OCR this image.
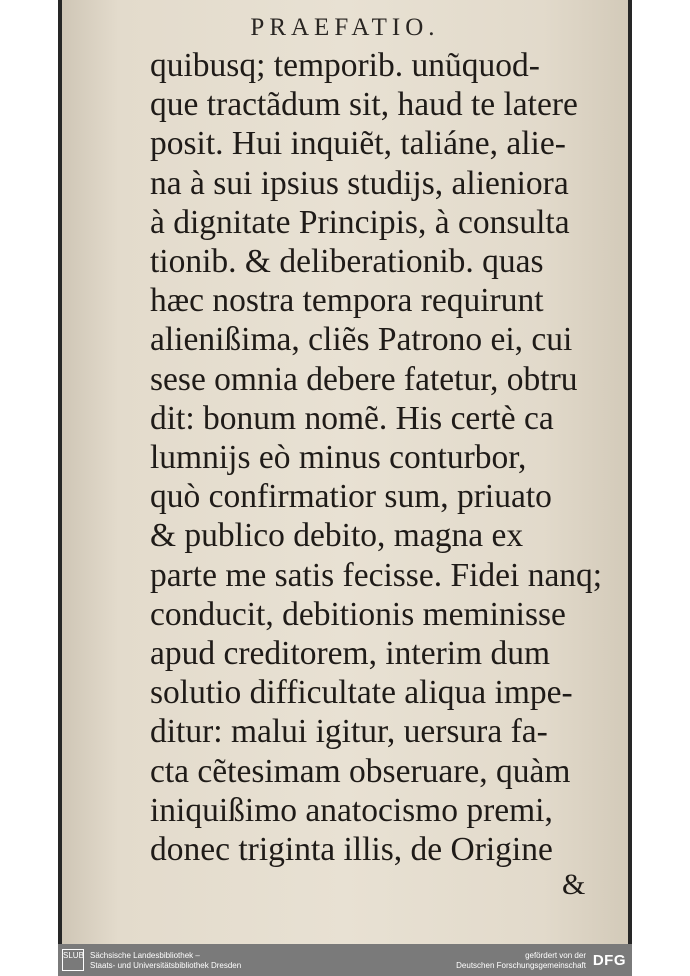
PRAEFATIO.
quibusq; temporib. unũquod-
que tractãdum sit, haud te latere
posit. Hui inquiẽt, taliáne, alie-
na à sui ipsius studijs, alieniora
à dignitate Principis, à consulta
tionib. & deliberationib. quas
hæc nostra tempora requirunt
alienißima, cliẽs Patrono ei, cui
sese omnia debere fatetur, obtru
dit: bonum nomẽ. His certè ca
lumnijs eò minus conturbor,
quò confirmatior sum, priuato
& publico debito, magna ex
parte me satis fecisse. Fidei nanq;
conducit, debitionis meminisse
apud creditorem, interim dum
solutio difficultate aliqua impe-
ditur: malui igitur, uersura fa-
cta cẽtesimam obseruare, quàm
iniquißimo anatocismo premi,
donec triginta illis, de Origine
&
SLUB Sächsische Landesbibliothek –
Staats- und Universitätsbibliothek Dresden
gefördert von der
Deutschen Forschungsgemeinschaft DFG
